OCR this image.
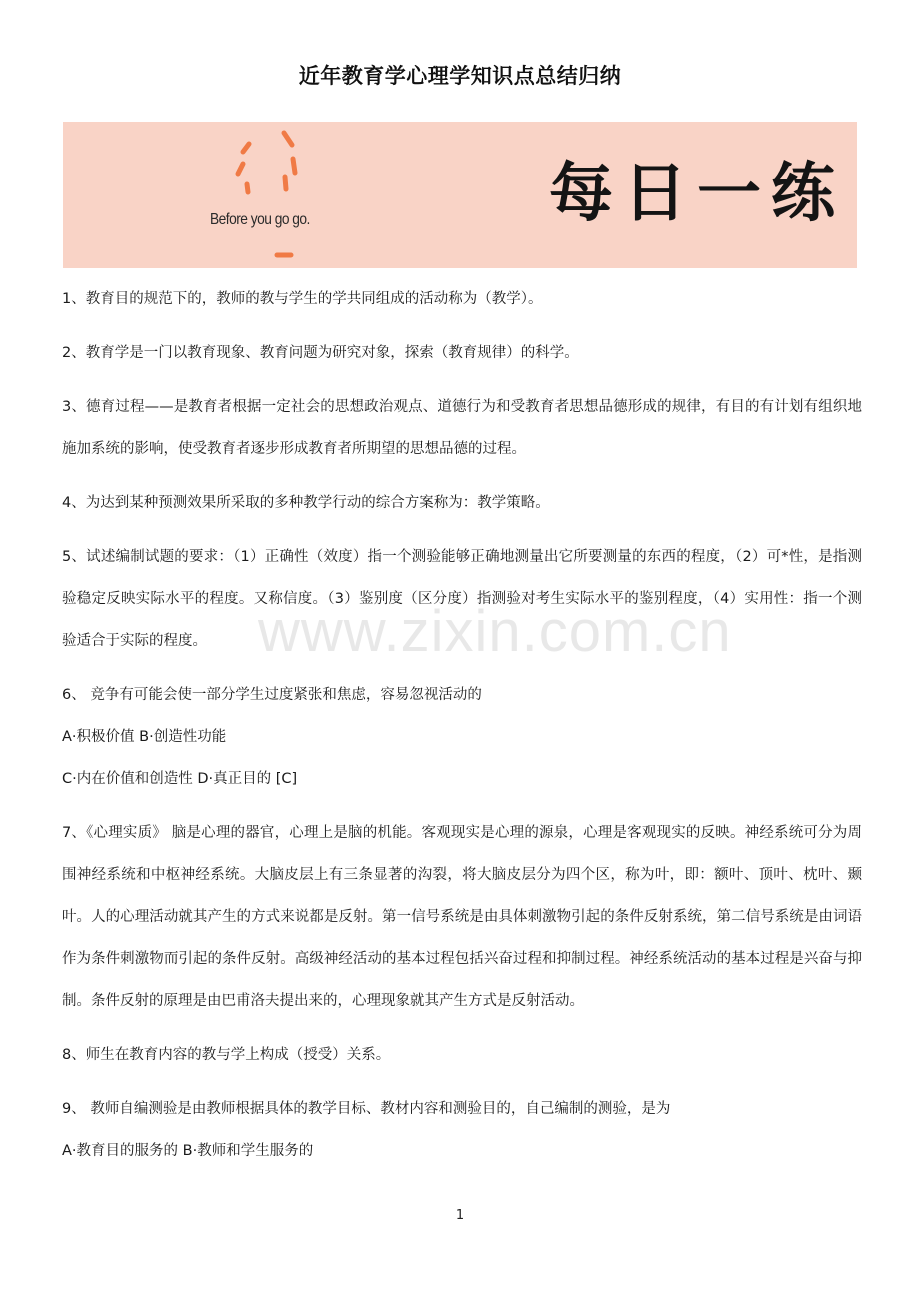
近年教育学心理学知识点总结归纳
Before you go go.	每日一练

1、教育目的规范下的，教师的教与学生的学共同组成的活动称为（教学）。

2、教育学是一门以教育现象、教育问题为研究对象，探索（教育规律）的科学。

3、德育过程——是教育者根据一定社会的思想政治观点、道德行为和受教育者思想品德形成的规律，有目的有计划有组织地施加系统的影响，使受教育者逐步形成教育者所期望的思想品德的过程。

4、为达到某种预测效果所采取的多种教学行动的综合方案称为：教学策略。

5、试述编制试题的要求：（1）正确性（效度）指一个测验能够正确地测量出它所要测量的东西的程度，（2）可*性，是指测验稳定反映实际水平的程度。又称信度。（3）鉴别度（区分度）指测验对考生实际水平的鉴别程度，（4）实用性：指一个测验适合于实际的程度。

6、 竞争有可能会使一部分学生过度紧张和焦虑，容易忽视活动的

A·积极价值 B·创造性功能

C·内在价值和创造性 D·真正目的 [C]

7、《心理实质》 脑是心理的器官，心理上是脑的机能。客观现实是心理的源泉，心理是客观现实的反映。神经系统可分为周围神经系统和中枢神经系统。大脑皮层上有三条显著的沟裂，将大脑皮层分为四个区，称为叶，即：额叶、顶叶、枕叶、颞叶。人的心理活动就其产生的方式来说都是反射。第一信号系统是由具体刺激物引起的条件反射系统，第二信号系统是由词语作为条件刺激物而引起的条件反射。高级神经活动的基本过程包括兴奋过程和抑制过程。神经系统活动的基本过程是兴奋与抑制。条件反射的原理是由巴甫洛夫提出来的，心理现象就其产生方式是反射活动。

8、师生在教育内容的教与学上构成（授受）关系。

9、 教师自编测验是由教师根据具体的教学目标、教材内容和测验目的，自己编制的测验，是为

A·教育目的服务的 B·教师和学生服务的

www.zixin.com.cn
1
